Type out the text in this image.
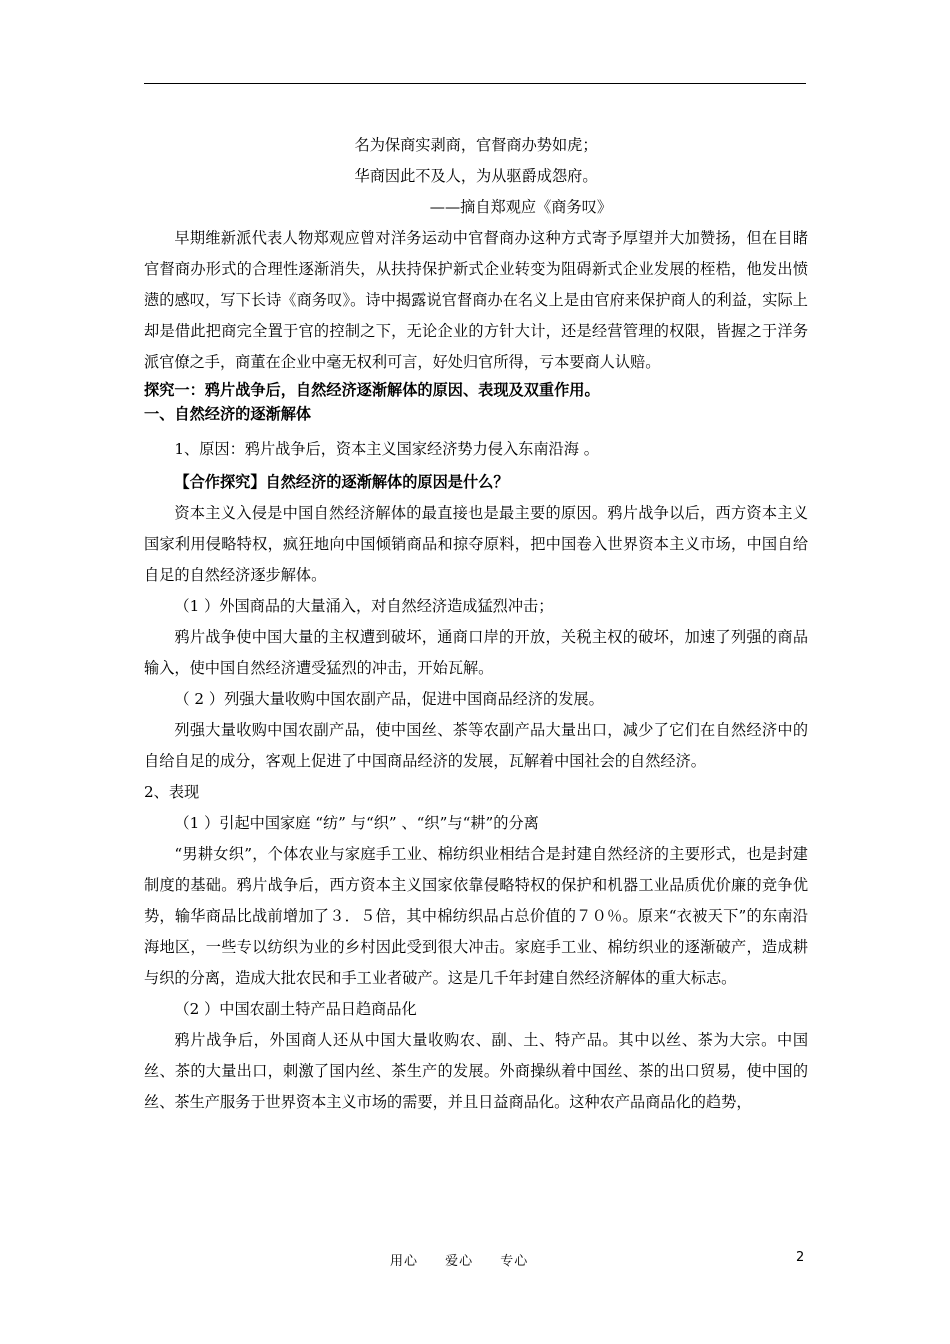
名为保商实剥商，官督商办势如虎；
华商因此不及人，为从驱爵成怨府。
——摘自郑观应《商务叹》

早期维新派代表人物郑观应曾对洋务运动中官督商办这种方式寄予厚望并大加赞扬，但在目睹官督商办形式的合理性逐渐消失，从扶持保护新式企业转变为阻碍新式企业发展的桎梏，他发出愤懑的感叹，写下长诗《商务叹》。诗中揭露说官督商办在名义上是由官府来保护商人的利益，实际上却是借此把商完全置于官的控制之下，无论企业的方针大计，还是经营管理的权限，皆握之于洋务派官僚之手，商董在企业中毫无权利可言，好处归官所得，亏本要商人认赔。

探究一：鸦片战争后，自然经济逐渐解体的原因、表现及双重作用。
一、自然经济的逐渐解体
1、原因：鸦片战争后，资本主义国家经济势力侵入东南沿海 。
【合作探究】自然经济的逐渐解体的原因是什么？

资本主义入侵是中国自然经济解体的最直接也是最主要的原因。鸦片战争以后，西方资本主义国家利用侵略特权，疯狂地向中国倾销商品和掠夺原料，把中国卷入世界资本主义市场，中国自给自足的自然经济逐步解体。

（1 ）外国商品的大量涌入，对自然经济造成猛烈冲击；

鸦片战争使中国大量的主权遭到破坏，通商口岸的开放，关税主权的破坏，加速了列强的商品输入，使中国自然经济遭受猛烈的冲击，开始瓦解。

（ 2 ）列强大量收购中国农副产品，促进中国商品经济的发展。

列强大量收购中国农副产品，使中国丝、茶等农副产品大量出口，减少了它们在自然经济中的自给自足的成分，客观上促进了中国商品经济的发展，瓦解着中国社会的自然经济。

2、表现
（1 ）引起中国家庭 “纺” 与“织” 、“织”与“耕”的分离

“男耕女织”，个体农业与家庭手工业、棉纺织业相结合是封建自然经济的主要形式，也是封建制度的基础。鸦片战争后，西方资本主义国家依靠侵略特权的保护和机器工业品质优价廉的竞争优势，输华商品比战前增加了３．５倍，其中棉纺织品占总价值的７０％。原来“衣被天下”的东南沿海地区，一些专以纺织为业的乡村因此受到很大冲击。家庭手工业、棉纺织业的逐渐破产，造成耕与织的分离，造成大批农民和手工业者破产。这是几千年封建自然经济解体的重大标志。

（2 ）中国农副土特产品日趋商品化

鸦片战争后，外国商人还从中国大量收购农、副、土、特产品。其中以丝、茶为大宗。中国丝、茶的大量出口，刺激了国内丝、茶生产的发展。外商操纵着中国丝、茶的出口贸易，使中国的丝、茶生产服务于世界资本主义市场的需要，并且日益商品化。这种农产品商品化的趋势，

用心 爱心 专心	2
